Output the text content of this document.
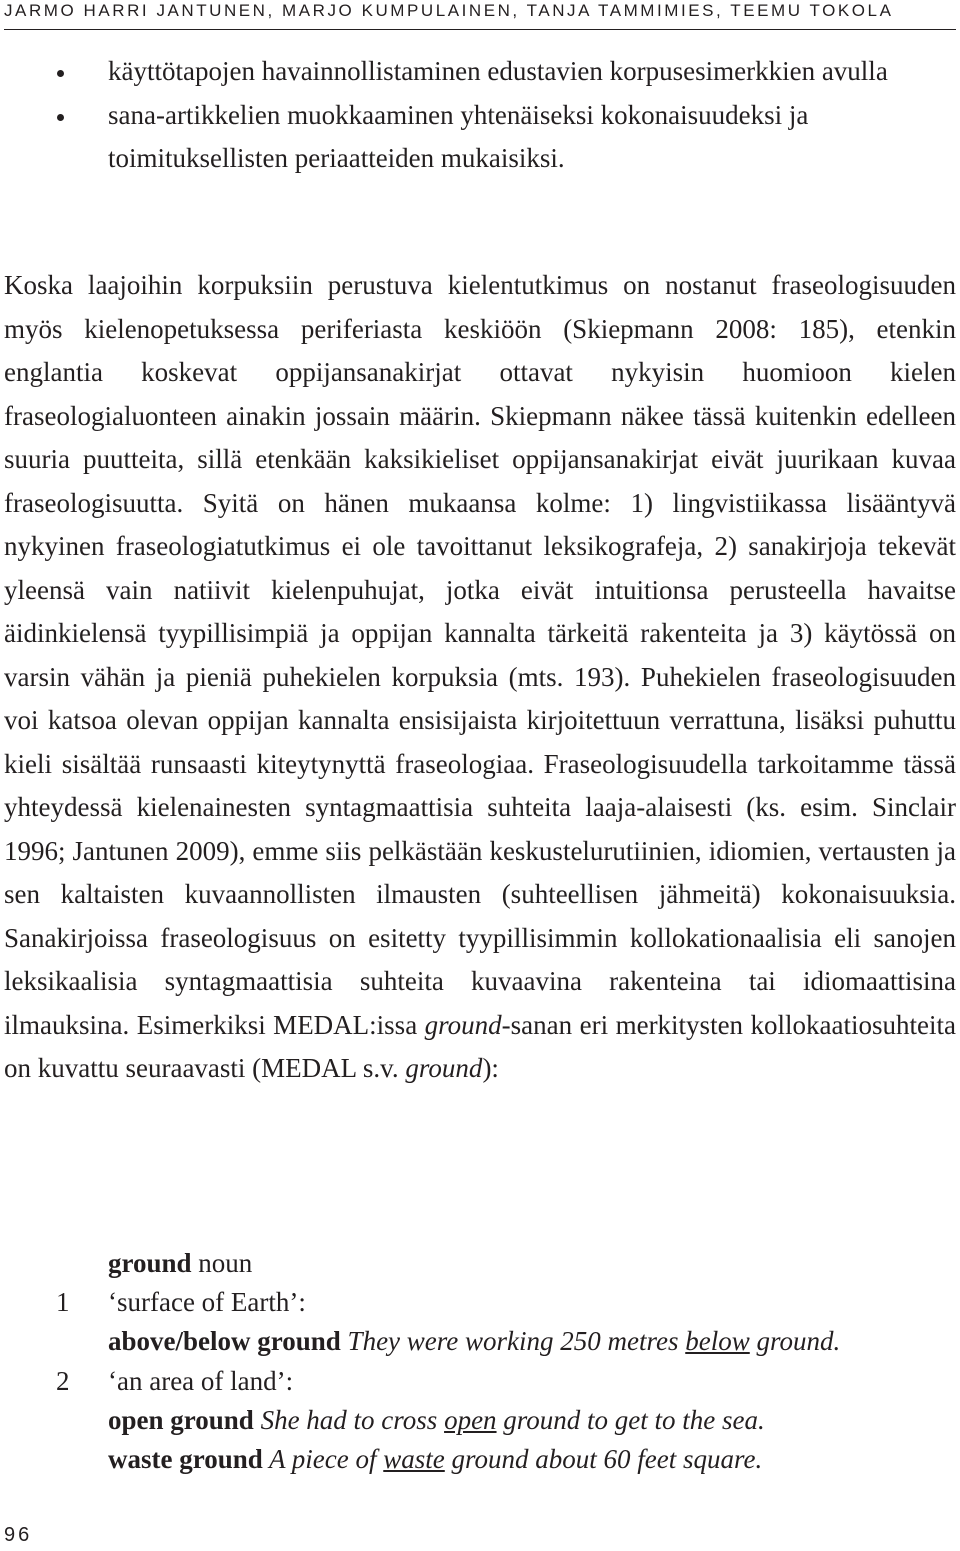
JARMO HARRI JANTUNEN, MARJO KUMPULAINEN, TANJA TAMMIMIES, TEEMU TOKOLA
käyttötapojen havainnollistaminen edustavien korpusesimerkkien avulla
sana-artikkelien muokkaaminen yhtenäiseksi kokonaisuudeksi ja toimituksellisten periaatteiden mukaisiksi.

Koska laajoihin korpuksiin perustuva kielentutkimus on nostanut fraseologisuuden myös kielenopetuksessa periferiasta keskiöön (Skiepmann 2008: 185), etenkin englantia koskevat oppijansanakirjat ottavat nykyisin huomioon kielen fraseologialuonteen ainakin jossain määrin. Skiepmann näkee tässä kuitenkin edelleen suuria puutteita, sillä etenkään kaksikieliset oppijansanakirjat eivät juurikaan kuvaa fraseologisuutta. Syitä on hänen mukaansa kolme: 1) lingvistiikassa lisääntyvä nykyinen fraseologiatutkimus ei ole tavoittanut leksikografeja, 2) sanakirjoja tekevät yleensä vain natiivit kielenpuhujat, jotka eivät intuitionsa perusteella havaitse äidinkielensä tyypillisimpiä ja oppijan kannalta tärkeitä rakenteita ja 3) käytössä on varsin vähän ja pieniä puhekielen korpuksia (mts. 193). Puhekielen fraseologisuuden voi katsoa olevan oppijan kannalta ensisijaista kirjoitettuun verrattuna, lisäksi puhuttu kieli sisältää runsaasti kiteytynyttä fraseologiaa. Fraseologisuudella tarkoitamme tässä yhteydessä kielenainesten syntagmaattisia suhteita laaja-alaisesti (ks. esim. Sinclair 1996; Jantunen 2009), emme siis pelkästään keskustelurutiinien, idiomien, vertausten ja sen kaltaisten kuvaannollisten ilmausten (suhteellisen jähmeitä) kokonaisuuksia. Sanakirjoissa fraseologisuus on esitetty tyypillisimmin kollokationaalisia eli sanojen leksikaalisia syntagmaattisia suhteita kuvaavina rakenteina tai idiomaattisina ilmauksina. Esimerkiksi MEDAL:issa ground-sanan eri merkitysten kollokaatiosuhteita on kuvattu seuraavasti (MEDAL s.v. ground):

ground noun
1 ‘surface of Earth’:
above/below ground They were working 250 metres below ground.
2 ‘an area of land’:
open ground She had to cross open ground to get to the sea.
waste ground A piece of waste ground about 60 feet square.
96
